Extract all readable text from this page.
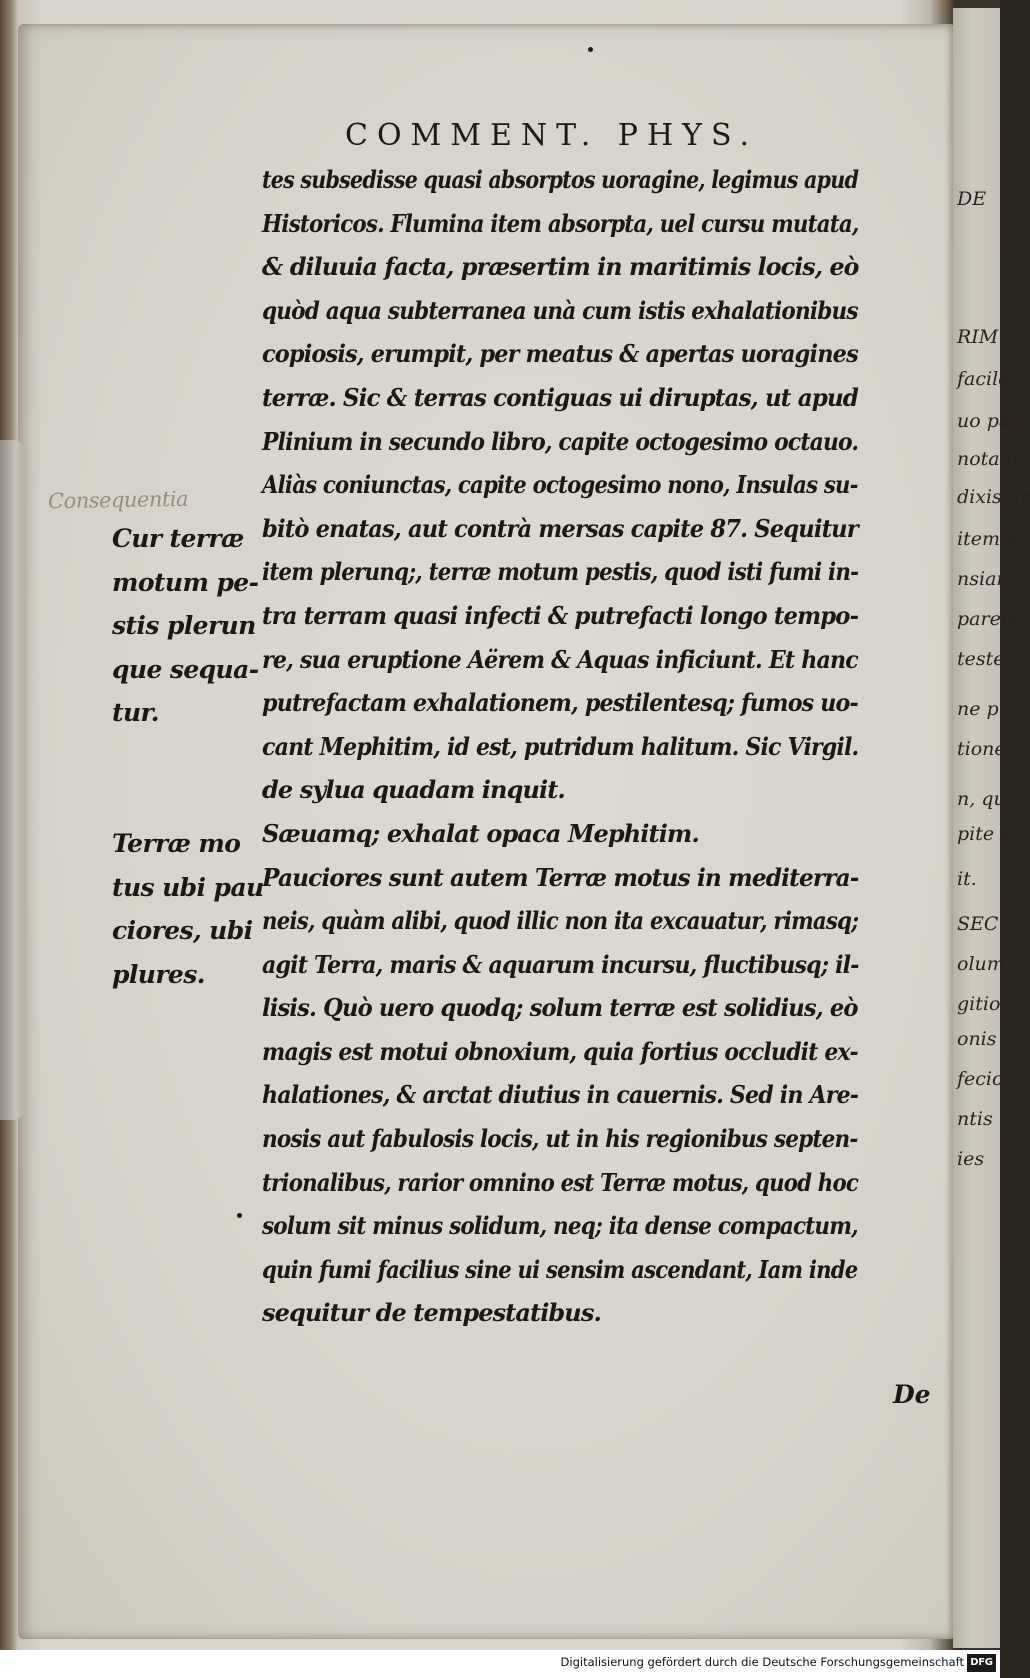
DE
RIM
facile
uo pate
notant
dixister
item a
nsian
parent
teste
ne p
tione
n, qua
pite se
it.
SEC
olum
gitio
onis
fecio
ntis
ies
COMMENT. PHYS.
tes subsedisse quasi absorptos uoragine, legimus apud
Historicos. Flumina item absorpta, uel cursu mutata,
& diluuia facta, præsertim in maritimis locis, eò
quòd aqua subterranea unà cum istis exhalationibus
copiosis, erumpit, per meatus & apertas uoragines
terræ. Sic & terras contiguas ui diruptas, ut apud
Plinium in secundo libro, capite octogesimo octauo.
Aliàs coniunctas, capite octogesimo nono, Insulas su-
bitò enatas, aut contrà mersas capite 87. Sequitur
item plerunq;, terræ motum pestis, quod isti fumi in-
tra terram quasi infecti & putrefacti longo tempo-
re, sua eruptione Aërem & Aquas inficiunt. Et hanc
putrefactam exhalationem, pestilentesq; fumos uo-
cant Mephitim, id est, putridum halitum. Sic Virgil.
de sylua quadam inquit.
Sæuamq; exhalat opaca Mephitim.
Pauciores sunt autem Terræ motus in mediterra-
neis, quàm alibi, quod illic non ita excauatur, rimasq;
agit Terra, maris & aquarum incursu, fluctibusq; il-
lisis. Quò uero quodq; solum terræ est solidius, eò
magis est motui obnoxium, quia fortius occludit ex-
halationes, & arctat diutius in cauernis. Sed in Are-
nosis aut fabulosis locis, ut in his regionibus septen-
trionalibus, rarior omnino est Terræ motus, quod hoc
solum sit minus solidum, neq; ita dense compactum,
quin fumi facilius sine ui sensim ascendant, Iam inde
sequitur de tempestatibus.
Consequentia
Cur terræ
motum pe-
stis plerun
que sequa-
tur.
Terræ mo
tus ubi pau
ciores, ubi
plures.
De
Digitalisierung gefördert durch die Deutsche Forschungsgemeinschaft DFG
